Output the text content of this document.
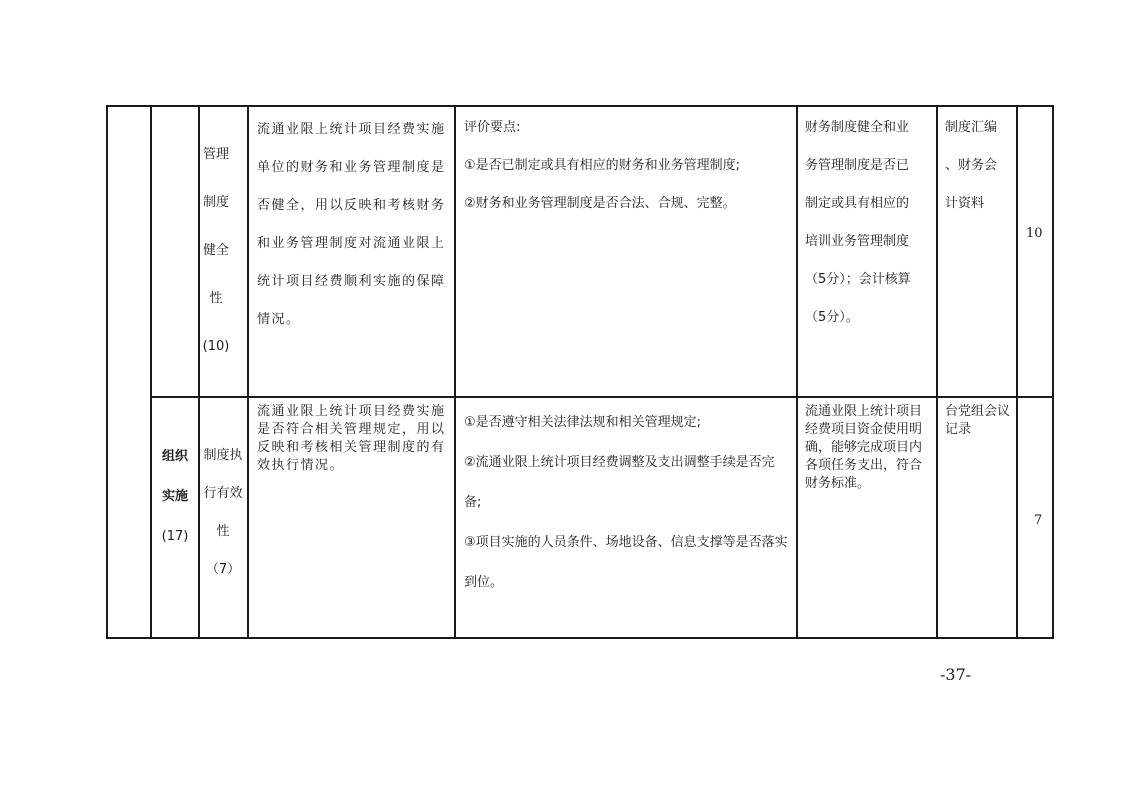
管理
制度
健全
性
(10)
流通业限上统计项目经费实施单位的财务和业务管理制度是否健全，用以反映和考核财务和业务管理制度对流通业限上统计项目经费顺利实施的保障情况。
评价要点:
①是否已制定或具有相应的财务和业务管理制度;
②财务和业务管理制度是否合法、合规、完整。
财务制度健全和业
务管理制度是否已
制定或具有相应的
培训业务管理制度
（5分）；会计核算
（5分）。
制度汇编
、财务会
计资料
10
组织
实施
(17)
制度执
行有效
性
（7）
流通业限上统计项目经费实施是否符合相关管理规定，用以反映和考核相关管理制度的有效执行情况。
①是否遵守相关法律法规和相关管理规定;
②流通业限上统计项目经费调整及支出调整手续是否完备;
③项目实施的人员条件、场地设备、信息支撑等是否落实到位。
流通业限上统计项目经费项目资金使用明确，能够完成项目内各项任务支出，符合财务标准。
台党组会议记录
7
-37-
